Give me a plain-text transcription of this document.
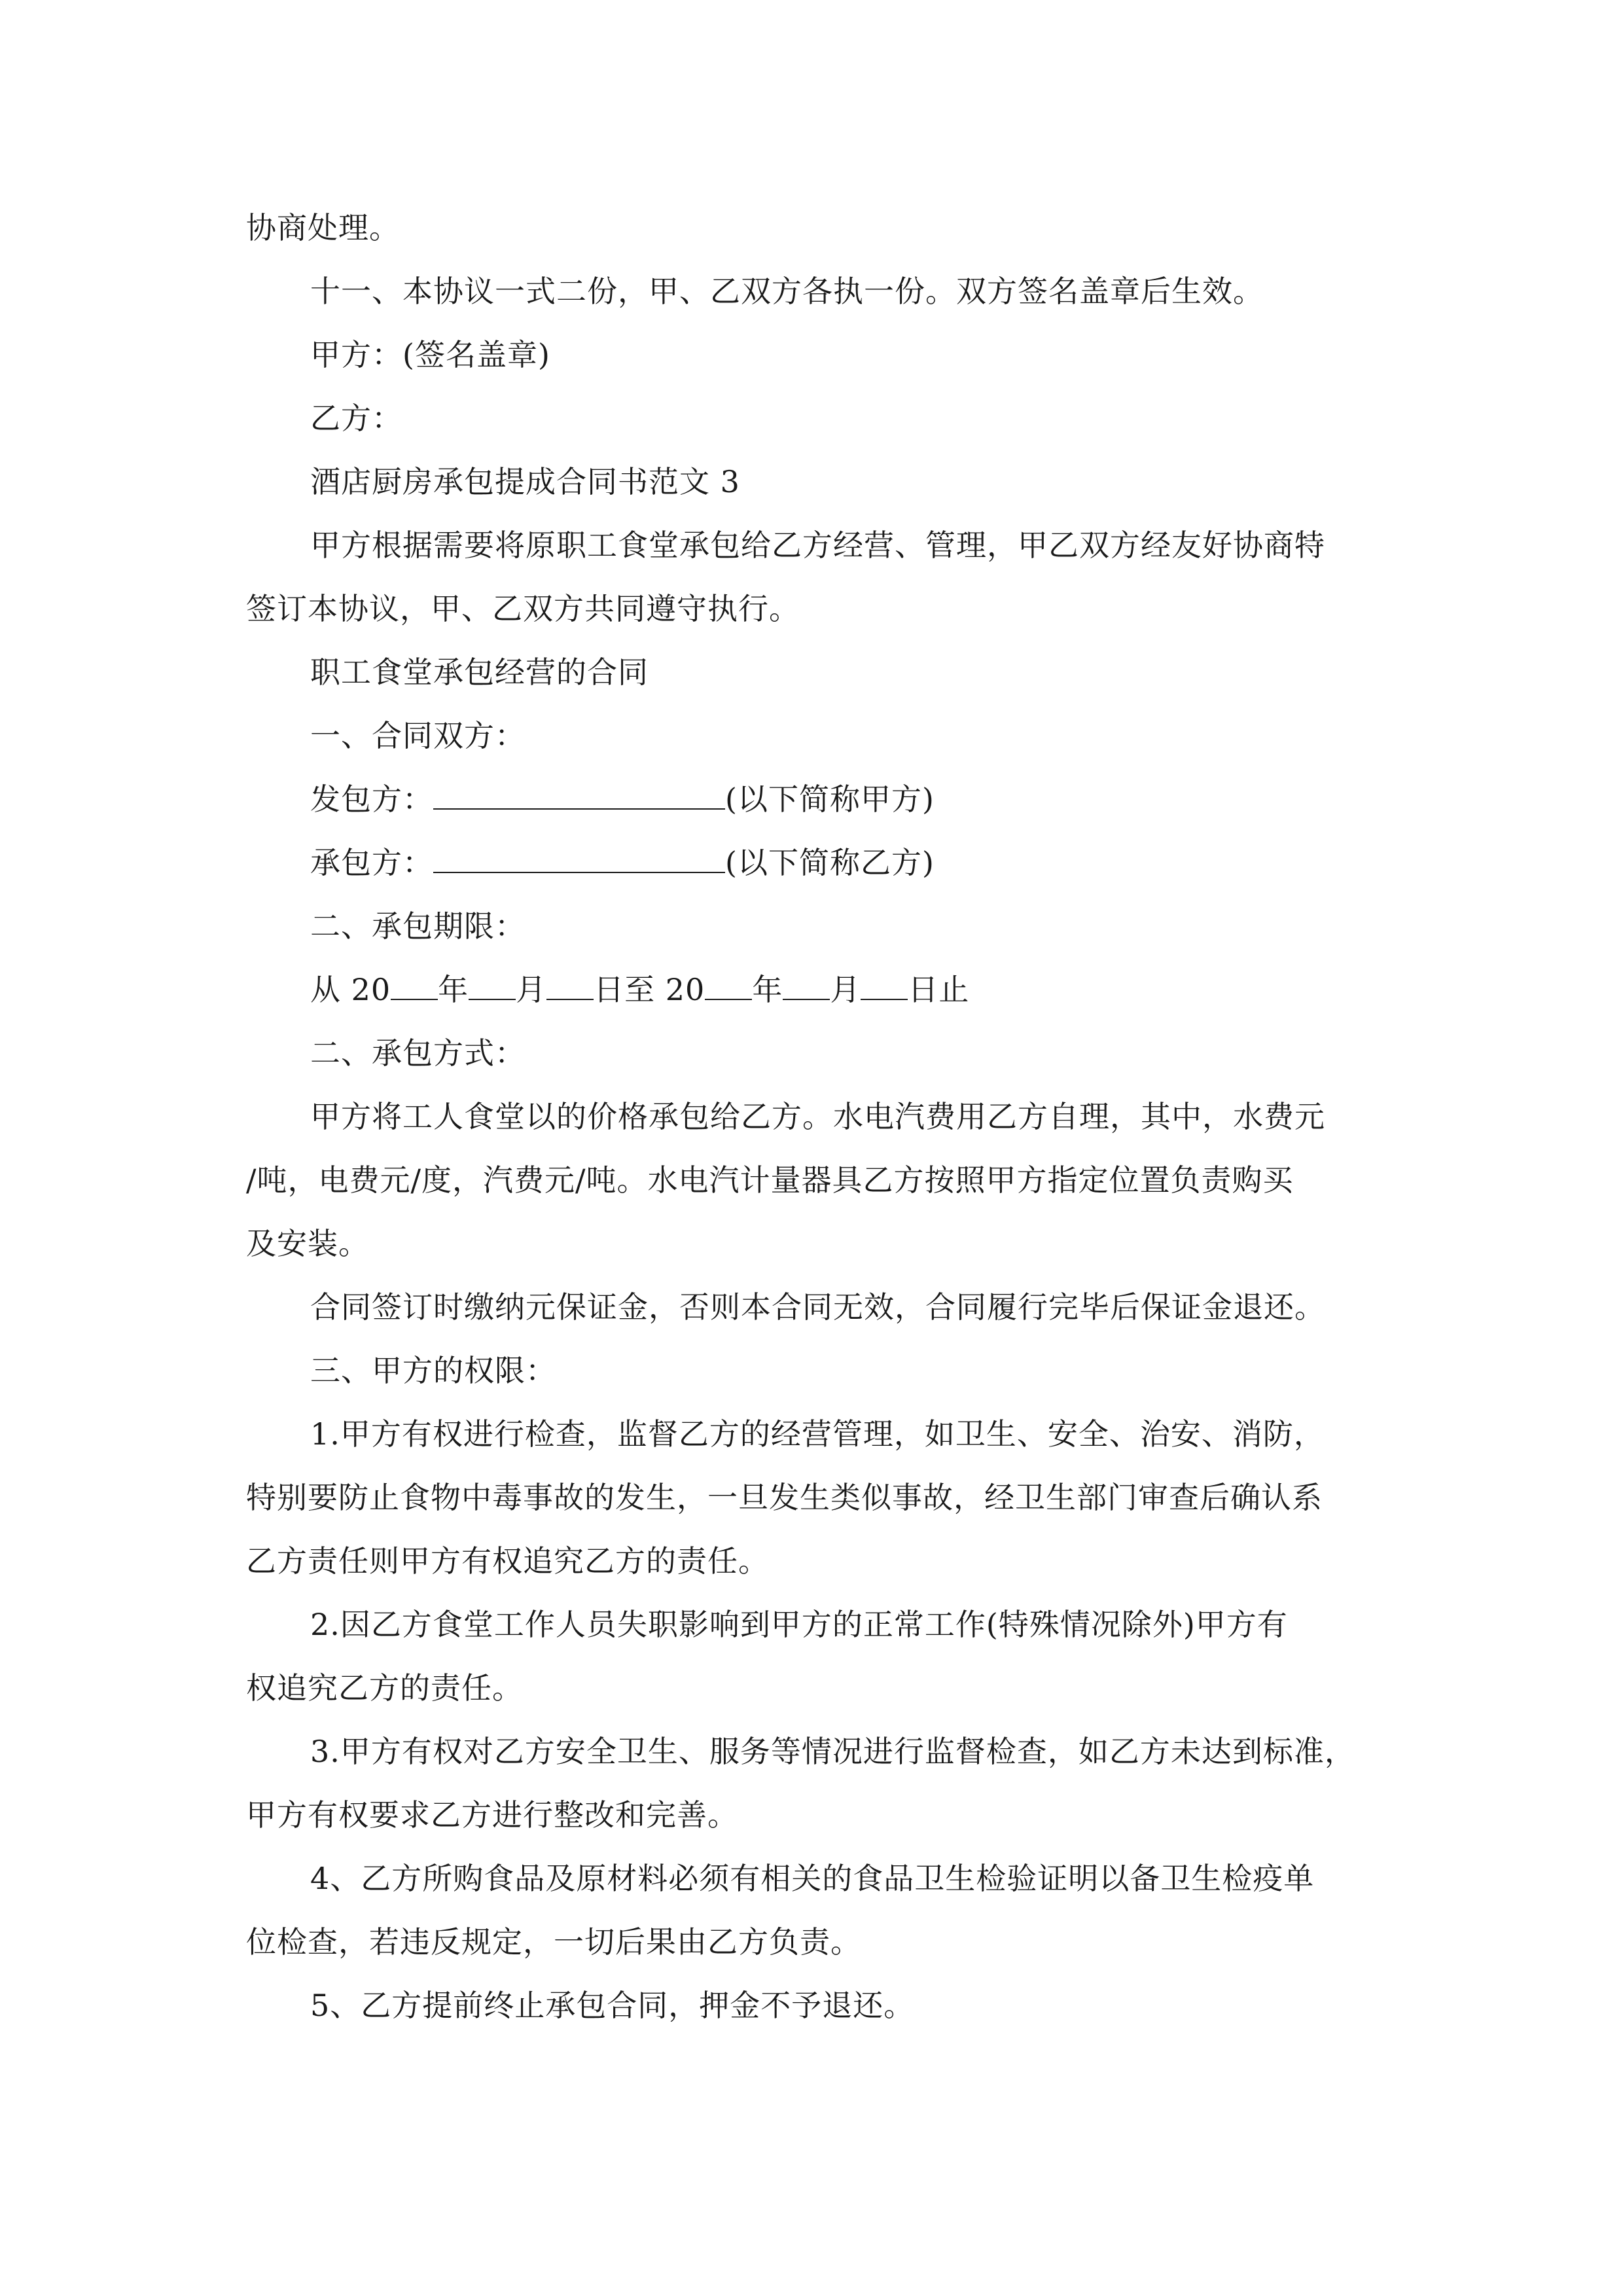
协商处理。

十一、本协议一式二份，甲、乙双方各执一份。双方签名盖章后生效。

甲方：(签名盖章)

乙方：

酒店厨房承包提成合同书范文 3

甲方根据需要将原职工食堂承包给乙方经营、管理，甲乙双方经友好协商特

签订本协议，甲、乙双方共同遵守执行。

职工食堂承包经营的合同

一、合同双方：

发包方：	(以下简称甲方)

承包方：	(以下简称乙方)

二、承包期限：

从 20 年 月 日至 20 年 月 日止

二、承包方式：

甲方将工人食堂以的价格承包给乙方。水电汽费用乙方自理，其中，水费元

/吨，电费元/度，汽费元/吨。水电汽计量器具乙方按照甲方指定位置负责购买

及安装。

合同签订时缴纳元保证金，否则本合同无效，合同履行完毕后保证金退还。

三、甲方的权限：

1.甲方有权进行检查，监督乙方的经营管理，如卫生、安全、治安、消防，

特别要防止食物中毒事故的发生，一旦发生类似事故，经卫生部门审查后确认系

乙方责任则甲方有权追究乙方的责任。

2.因乙方食堂工作人员失职影响到甲方的正常工作(特殊情况除外)甲方有

权追究乙方的责任。

3.甲方有权对乙方安全卫生、服务等情况进行监督检查，如乙方未达到标准，

甲方有权要求乙方进行整改和完善。

4、乙方所购食品及原材料必须有相关的食品卫生检验证明以备卫生检疫单

位检查，若违反规定，一切后果由乙方负责。

5、乙方提前终止承包合同，押金不予退还。
